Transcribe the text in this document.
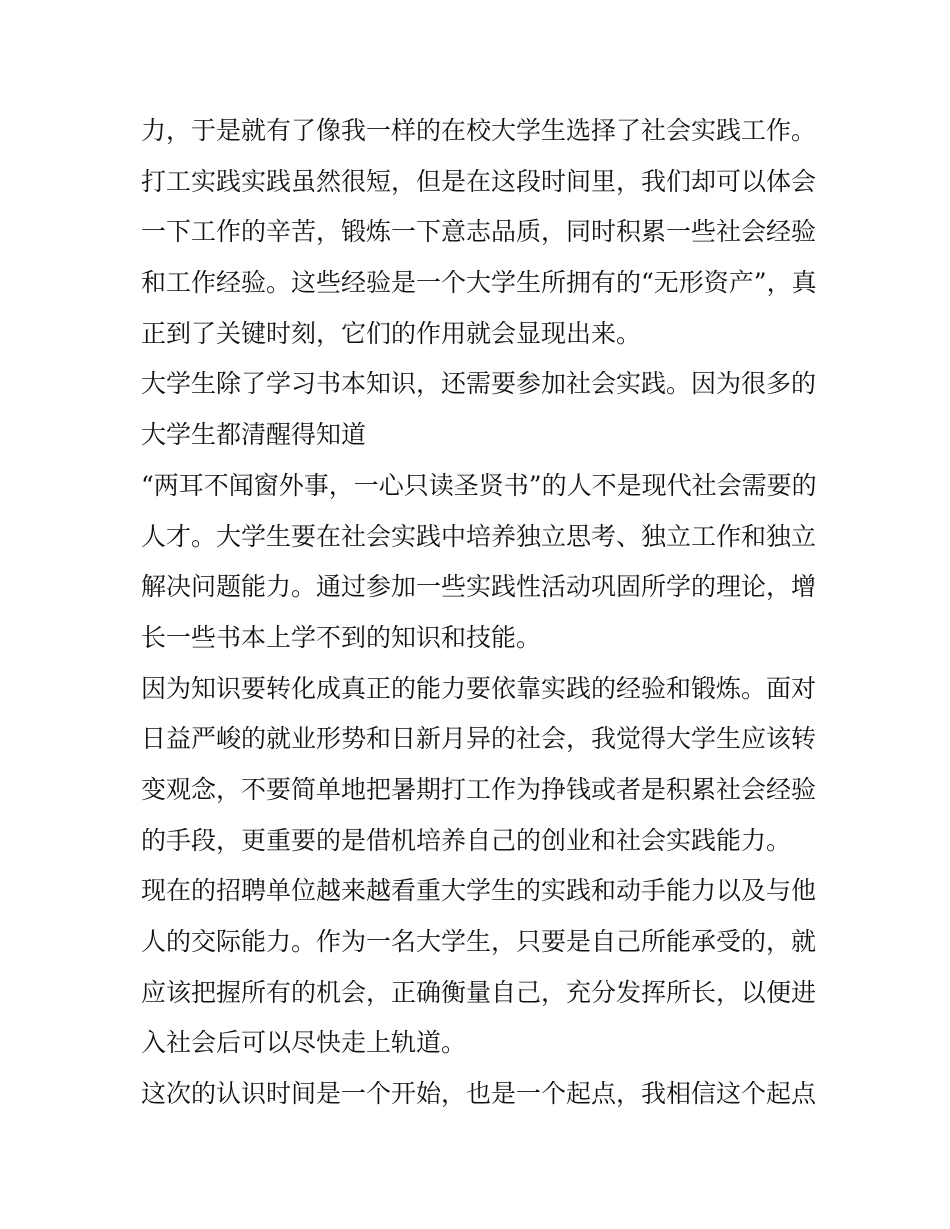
力，于是就有了像我一样的在校大学生选择了社会实践工作。
打工实践实践虽然很短，但是在这段时间里，我们却可以体会
一下工作的辛苦，锻炼一下意志品质，同时积累一些社会经验
和工作经验。这些经验是一个大学生所拥有的“无形资产”，真
正到了关键时刻，它们的作用就会显现出来。
大学生除了学习书本知识，还需要参加社会实践。因为很多的
大学生都清醒得知道
“两耳不闻窗外事，一心只读圣贤书”的人不是现代社会需要的
人才。大学生要在社会实践中培养独立思考、独立工作和独立
解决问题能力。通过参加一些实践性活动巩固所学的理论，增
长一些书本上学不到的知识和技能。
因为知识要转化成真正的能力要依靠实践的经验和锻炼。面对
日益严峻的就业形势和日新月异的社会，我觉得大学生应该转
变观念，不要简单地把暑期打工作为挣钱或者是积累社会经验
的手段，更重要的是借机培养自己的创业和社会实践能力。
现在的招聘单位越来越看重大学生的实践和动手能力以及与他
人的交际能力。作为一名大学生，只要是自己所能承受的，就
应该把握所有的机会，正确衡量自己，充分发挥所长，以便进
入社会后可以尽快走上轨道。
这次的认识时间是一个开始，也是一个起点，我相信这个起点
